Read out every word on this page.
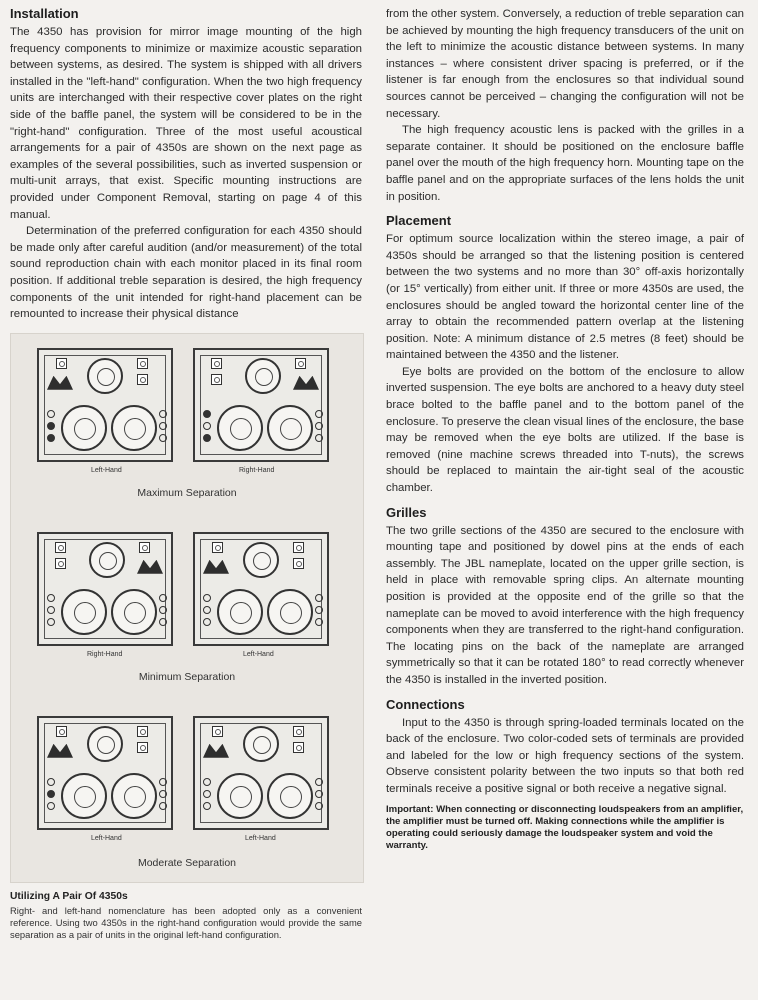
Installation

The 4350 has provision for mirror image mounting of the high frequency components to minimize or maximize acoustic separation between systems, as desired. The system is shipped with all drivers installed in the "left-hand" configuration. When the two high frequency units are interchanged with their respective cover plates on the right side of the baffle panel, the system will be considered to be in the "right-hand" configuration. Three of the most useful acoustical arrangements for a pair of 4350s are shown on the next page as examples of the several possibilities, such as inverted suspension or multi-unit arrays, that exist. Specific mounting instructions are provided under Component Removal, starting on page 4 of this manual.

Determination of the preferred configuration for each 4350 should be made only after careful audition (and/or measurement) of the total sound reproduction chain with each monitor placed in its final room position. If additional treble separation is desired, the high frequency components of the unit intended for right-hand placement can be remounted to increase their physical distance

Left-Hand	Right-Hand
Maximum Separation
Right-Hand	Left-Hand
Minimum Separation
Left-Hand	Left-Hand
Moderate Separation

Utilizing A Pair Of 4350s

Right- and left-hand nomenclature has been adopted only as a convenient reference. Using two 4350s in the right-hand configuration would provide the same separation as a pair of units in the original left-hand configuration.

from the other system. Conversely, a reduction of treble separation can be achieved by mounting the high frequency transducers of the unit on the left to minimize the acoustic distance between systems. In many instances – where consistent driver spacing is preferred, or if the listener is far enough from the enclosures so that individual sound sources cannot be perceived – changing the configuration will not be necessary.

The high frequency acoustic lens is packed with the grilles in a separate container. It should be positioned on the enclosure baffle panel over the mouth of the high frequency horn. Mounting tape on the baffle panel and on the appropriate surfaces of the lens holds the unit in position.

Placement

For optimum source localization within the stereo image, a pair of 4350s should be arranged so that the listening position is centered between the two systems and no more than 30° off-axis horizontally (or 15° vertically) from either unit. If three or more 4350s are used, the enclosures should be angled toward the horizontal center line of the array to obtain the recommended pattern overlap at the listening position. Note: A minimum distance of 2.5 metres (8 feet) should be maintained between the 4350 and the listener.

Eye bolts are provided on the bottom of the enclosure to allow inverted suspension. The eye bolts are anchored to a heavy duty steel brace bolted to the baffle panel and to the bottom panel of the enclosure. To preserve the clean visual lines of the enclosure, the base may be removed when the eye bolts are utilized. If the base is removed (nine machine screws threaded into T-nuts), the screws should be replaced to maintain the air-tight seal of the acoustic chamber.

Grilles

The two grille sections of the 4350 are secured to the enclosure with mounting tape and positioned by dowel pins at the ends of each assembly. The JBL nameplate, located on the upper grille section, is held in place with removable spring clips. An alternate mounting position is provided at the opposite end of the grille so that the nameplate can be moved to avoid interference with the high frequency components when they are transferred to the right-hand configuration. The locating pins on the back of the nameplate are arranged symmetrically so that it can be rotated 180° to read correctly whenever the 4350 is installed in the inverted position.

Connections

Input to the 4350 is through spring-loaded terminals located on the back of the enclosure. Two color-coded sets of terminals are provided and labeled for the low or high frequency sections of the system. Observe consistent polarity between the two inputs so that both red terminals receive a positive signal or both receive a negative signal.

Important: When connecting or disconnecting loudspeakers from an amplifier, the amplifier must be turned off. Making connections while the amplifier is operating could seriously damage the loudspeaker system and void the warranty.
